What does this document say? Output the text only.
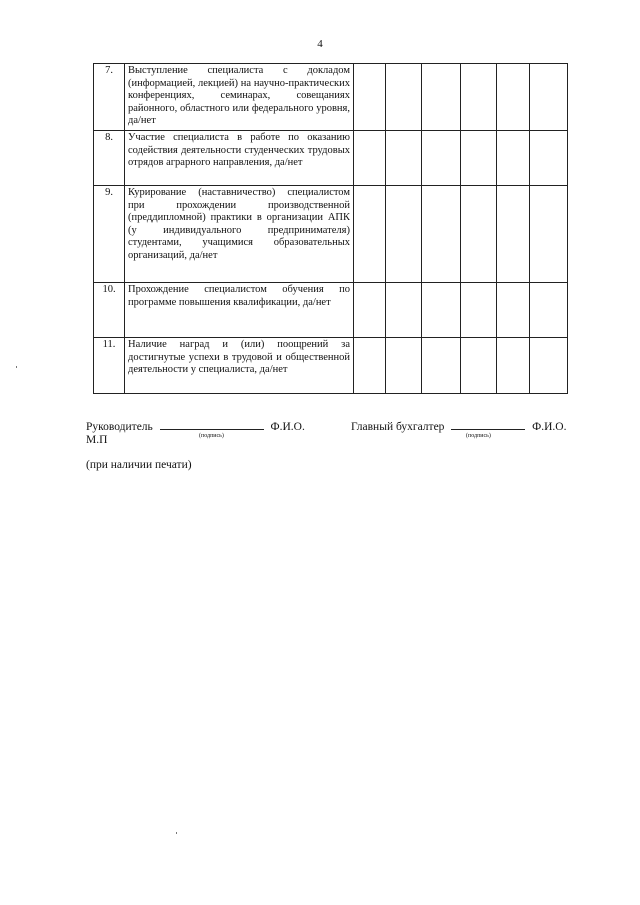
4
7.	Выступление специалиста с докладом (информацией, лекцией) на научно-практических конференциях, семинарах, совещаниях районного, областного или федерального уровня, да/нет						
8.	Участие специалиста в работе по оказанию содействия деятельности студенческих трудовых отрядов аграрного направления, да/нет						
9.	Курирование (наставничество) специалистом при прохождении производственной (преддипломной) практики в организации АПК (у индивидуального предпринимателя) студентами, учащимися образовательных организаций, да/нет						
10.	Прохождение специалистом обучения по программе повышения квалификации, да/нет						
11.	Наличие наград и (или) поощрений за достигнутые успехи в трудовой и общественной деятельности у специалиста, да/нет						
Руководитель	Ф.И.О.
(подпись)
М.П
Главный бухгалтер	Ф.И.О.
(подпись)
(при наличии печати)
